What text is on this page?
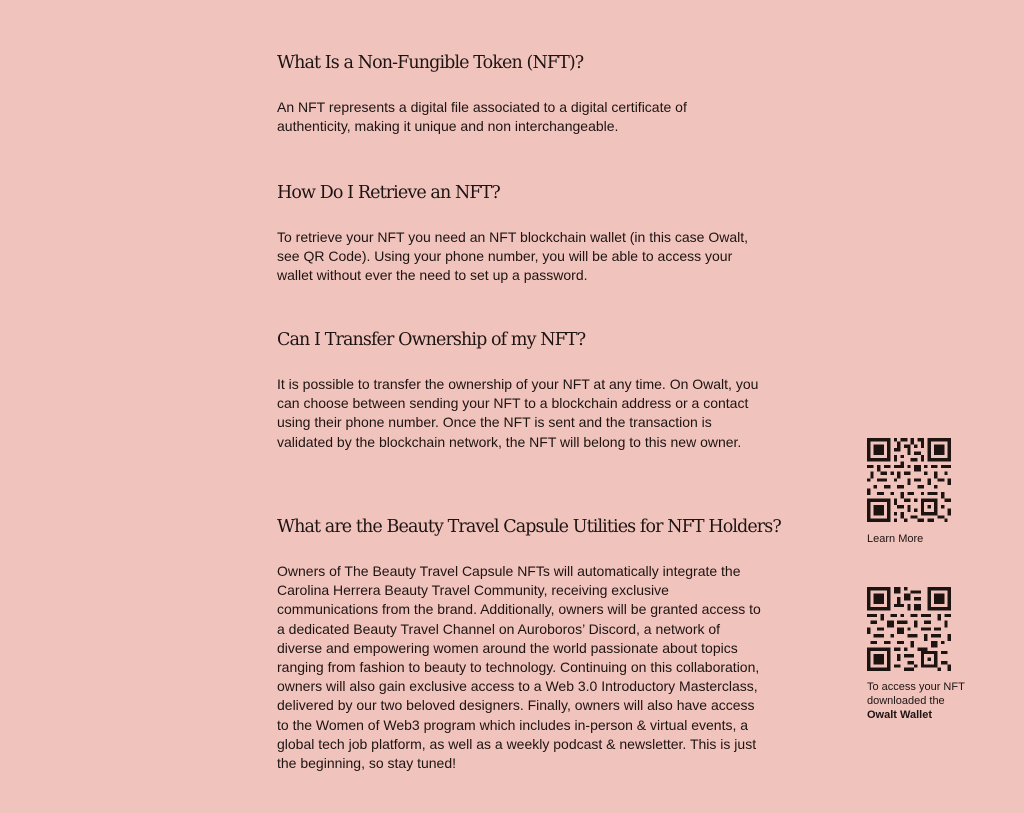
What Is a Non-Fungible Token (NFT)?

An NFT represents a digital file associated to a digital certificate of authenticity, making it unique and non interchangeable.

How Do I Retrieve an NFT?

To retrieve your NFT you need an NFT blockchain wallet (in this case Owalt, see QR Code). Using your phone number, you will be able to access your wallet without ever the need to set up a password.

Can I Transfer Ownership of my NFT?

It is possible to transfer the ownership of your NFT at any time. On Owalt, you can choose between sending your NFT to a blockchain address or a contact using their phone number. Once the NFT is sent and the transaction is validated by the blockchain network, the NFT will belong to this new owner.

What are the Beauty Travel Capsule Utilities for NFT Holders?

Owners of The Beauty Travel Capsule NFTs will automatically integrate the Carolina Herrera Beauty Travel Community, receiving exclusive communications from the brand. Additionally, owners will be granted access to a dedicated Beauty Travel Channel on Auroboros’ Discord, a network of diverse and empowering women around the world passionate about topics ranging from fashion to beauty to technology. Continuing on this collaboration, owners will also gain exclusive access to a Web 3.0 Introductory Masterclass, delivered by our two beloved designers. Finally, owners will also have access to the Women of Web3 program which includes in-person & virtual events, a global tech job platform, as well as a weekly podcast & newsletter. This is just the beginning, so stay tuned!

Learn More
To access your NFT downloaded the Owalt Wallet
